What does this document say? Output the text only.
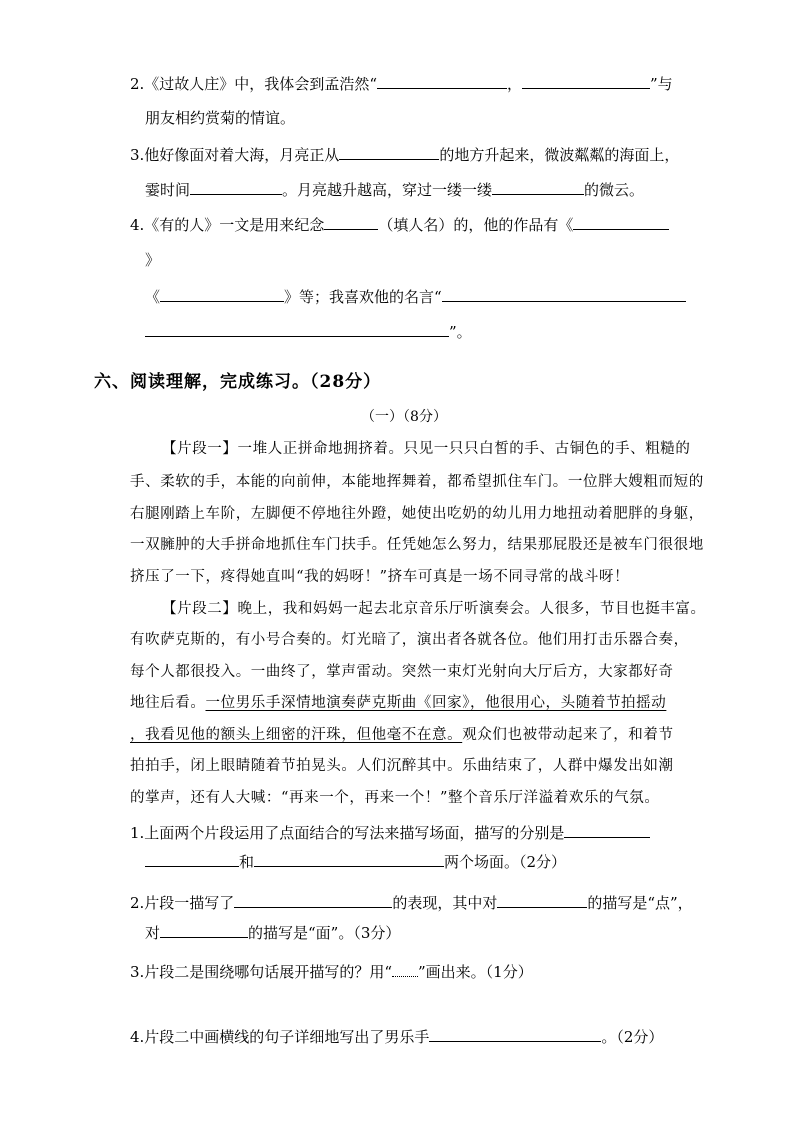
2.《过故人庄》中，我体会到孟浩然“	，	”与
朋友相约赏菊的情谊。
3.他好像面对着大海，月亮正从	的地方升起来，微波粼粼的海面上，
霎时间	。月亮越升越高，穿过一缕一缕	的微云。
4.《有的人》一文是用来纪念	（填人名）的，他的作品有《
》
《	》等；我喜欢他的名言“
”。
六、阅读理解，完成练习。（28分）
（一）（8分）
【片段一】一堆人正拼命地拥挤着。只见一只只白皙的手、古铜色的手、粗糙的
手、柔软的手，本能的向前伸，本能地挥舞着，都希望抓住车门。一位胖大嫂粗而短的
右腿刚踏上车阶，左脚便不停地往外蹬，她使出吃奶的幼儿用力地扭动着肥胖的身躯，
一双臃肿的大手拼命地抓住车门扶手。任凭她怎么努力，结果那屁股还是被车门很很地
挤压了一下，疼得她直叫“我的妈呀！”挤车可真是一场不同寻常的战斗呀！
【片段二】晚上，我和妈妈一起去北京音乐厅听演奏会。人很多，节目也挺丰富。
有吹萨克斯的，有小号合奏的。灯光暗了，演出者各就各位。他们用打击乐器合奏，
每个人都很投入。一曲终了，掌声雷动。突然一束灯光射向大厅后方，大家都好奇
地往后看。一位男乐手深情地演奏萨克斯曲《回家》，他很用心，头随着节拍摇动
，我看见他的额头上细密的汗珠，但他毫不在意。观众们也被带动起来了，和着节
拍拍手，闭上眼睛随着节拍晃头。人们沉醉其中。乐曲结束了，人群中爆发出如潮
的掌声，还有人大喊：“再来一个，再来一个！”整个音乐厅洋溢着欢乐的气氛。
1.上面两个片段运用了点面结合的写法来描写场面，描写的分别是
和	两个场面。（2分）
2.片段一描写了	的表现，其中对	的描写是“点”，
对	的描写是“面”。（3分）
3.片段二是围绕哪句话展开描写的？用“ ”画出来。（1分）
4.片段二中画横线的句子详细地写出了男乐手	。（2分）
